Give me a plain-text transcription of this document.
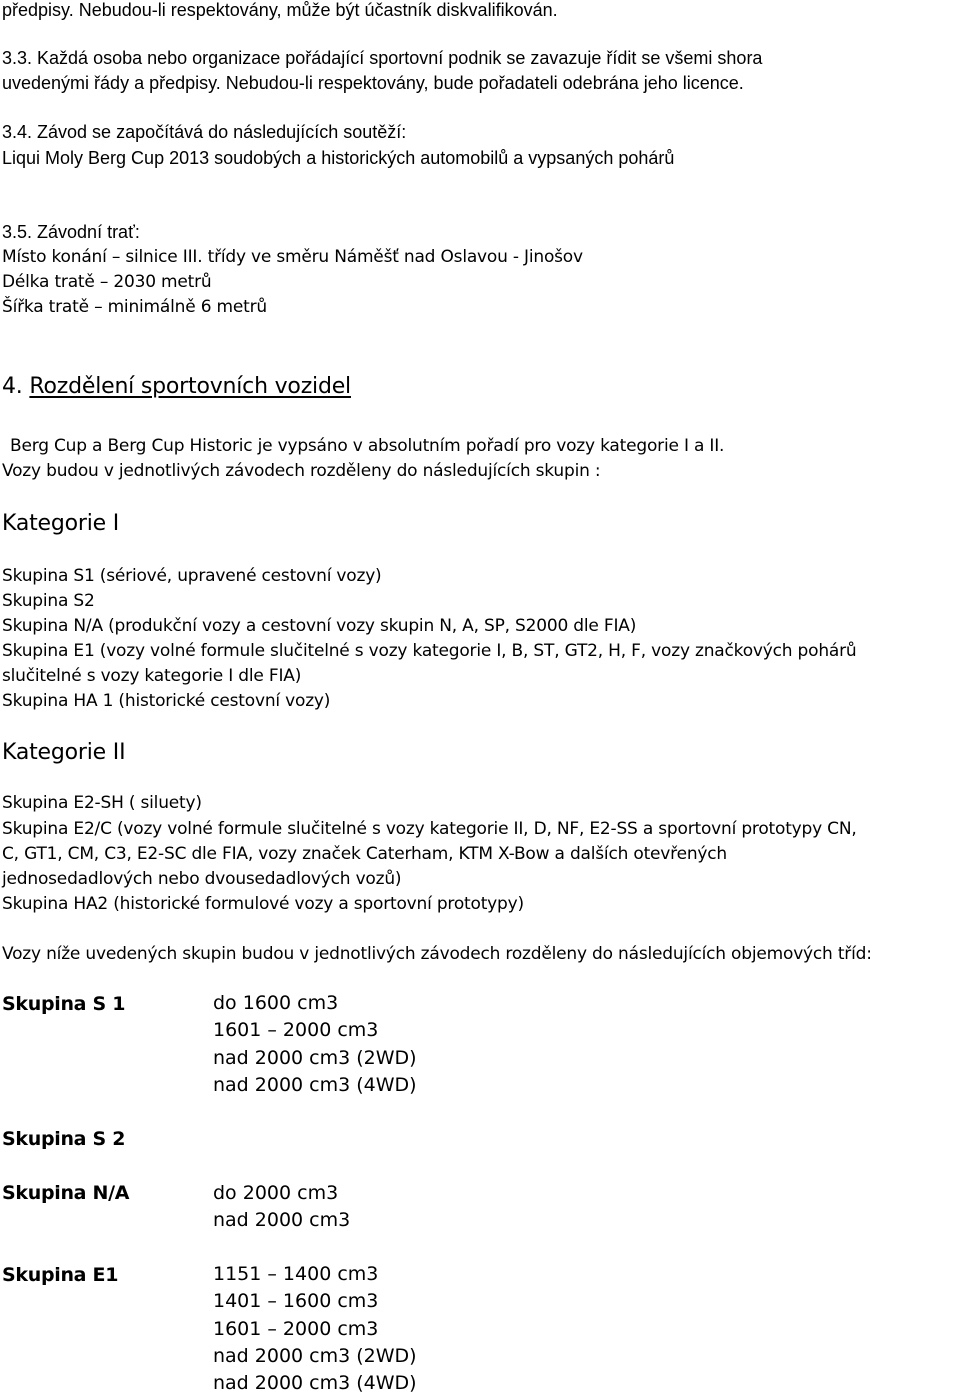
předpisy. Nebudou-li respektovány, může být účastník diskvalifikován.
3.3. Každá osoba nebo organizace pořádající sportovní podnik se zavazuje řídit se všemi shora
uvedenými řády a předpisy. Nebudou-li respektovány, bude pořadateli odebrána jeho licence.
3.4. Závod se započítává do následujících soutěží:
Liqui Moly Berg Cup 2013 soudobých a historických automobilů a vypsaných pohárů
3.5. Závodní trať:
Místo konání – silnice III. třídy ve směru Náměšť nad Oslavou - Jinošov
Délka tratě – 2030 metrů
Šířka tratě – minimálně 6 metrů
4. Rozdělení sportovních vozidel
Berg Cup a Berg Cup Historic je vypsáno v absolutním pořadí pro vozy kategorie I a II.
Vozy budou v jednotlivých závodech rozděleny do následujících skupin :
Kategorie I
Skupina S1 (sériové, upravené cestovní vozy)
Skupina S2
Skupina N/A (produkční vozy a cestovní vozy skupin N, A, SP, S2000 dle FIA)
Skupina E1 (vozy volné formule slučitelné s vozy kategorie I, B, ST, GT2, H, F, vozy značkových pohárů
slučitelné s vozy kategorie I dle FIA)
Skupina HA 1 (historické cestovní vozy)
Kategorie II
Skupina E2-SH ( siluety)
Skupina E2/C (vozy volné formule slučitelné s vozy kategorie II, D, NF, E2-SS a sportovní prototypy CN,
C, GT1, CM, C3, E2-SC dle FIA, vozy značek Caterham, KTM X-Bow a dalších otevřených
jednosedadlových nebo dvousedadlových vozů)
Skupina HA2 (historické formulové vozy a sportovní prototypy)
Vozy níže uvedených skupin budou v jednotlivých závodech rozděleny do následujících objemových tříd:
Skupina S 1	do 1600 cm3
1601 – 2000 cm3
nad 2000 cm3 (2WD)
nad 2000 cm3 (4WD)
Skupina S 2
Skupina N/A	do 2000 cm3
nad 2000 cm3
Skupina E1	1151 – 1400 cm3
1401 – 1600 cm3
1601 – 2000 cm3
nad 2000 cm3 (2WD)
nad 2000 cm3 (4WD)
